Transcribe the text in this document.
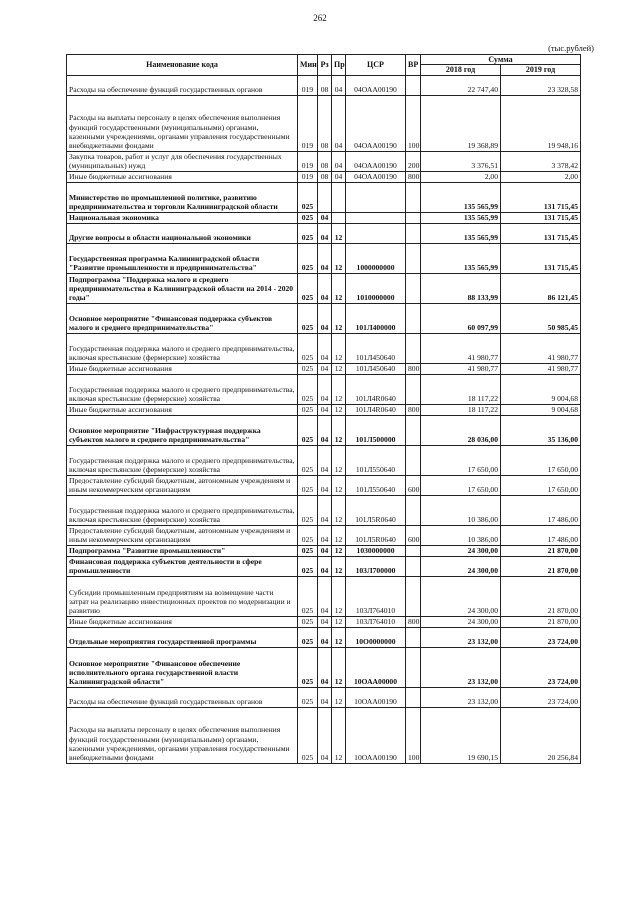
262
(тыс.рублей)
Наименование кода	Мин	Рз	Пр	ЦСР	ВР	Сумма	
						2018 год	2019 год
Расходы на обеспечение функций государственных органов	019	08	04	04ОАА00190		22 747,40	23 328,58
Расходы на выплаты персоналу в целях обеспечения выполнения функций государственными (муниципальными) органами, казенными учреждениями, органами управления государственными внебюджетными фондами	019	08	04	04ОАА00190	100	19 368,89	19 948,16
Закупка товаров, работ и услуг для обеспечения государственных (муниципальных) нужд	019	08	04	04ОАА00190	200	3 376,51	3 378,42
Иные бюджетные ассигнования	019	08	04	04ОАА00190	800	2,00	2,00
Министерство по промышленной политике, развитию предпринимательства и торговли Калининградской области	025					135 565,99	131 715,45
Национальная экономика	025	04				135 565,99	131 715,45
Другие вопросы в области национальной экономики	025	04	12			135 565,99	131 715,45
Государственная программа Калининградской области "Развитие промышленности и предпринимательства"	025	04	12	1000000000		135 565,99	131 715,45
Подпрограмма "Поддержка малого и среднего предпринимательства в Калининградской области на 2014 - 2020 годы"	025	04	12	1010000000		88 133,99	86 121,45
Основное мероприятие "Финансовая поддержка субъектов малого и среднего предпринимательства"	025	04	12	101Л400000		60 097,99	50 985,45
Государственная поддержка малого и среднего предпринимательства, включая крестьянские (фермерские) хозяйства	025	04	12	101Л450640		41 980,77	41 980,77
Иные бюджетные ассигнования	025	04	12	101Л450640	800	41 980,77	41 980,77
Государственная поддержка малого и среднего предпринимательства, включая крестьянские (фермерские) хозяйства	025	04	12	101Л4R0640		18 117,22	9 004,68
Иные бюджетные ассигнования	025	04	12	101Л4R0640	800	18 117,22	9 004,68
Основное мероприятие "Инфраструктурная поддержка субъектов малого и среднего предпринимательства"	025	04	12	101Л500000		28 036,00	35 136,00
Государственная поддержка малого и среднего предпринимательства, включая крестьянские (фермерские) хозяйства	025	04	12	101Л550640		17 650,00	17 650,00
Предоставление субсидий бюджетным, автономным учреждениям и иным некоммерческим организациям	025	04	12	101Л550640	600	17 650,00	17 650,00
Государственная поддержка малого и среднего предпринимательства, включая крестьянские (фермерские) хозяйства	025	04	12	101Л5R0640		10 386,00	17 486,00
Предоставление субсидий бюджетным, автономным учреждениям и иным некоммерческим организациям	025	04	12	101Л5R0640	600	10 386,00	17 486,00
Подпрограмма "Развитие промышленности"	025	04	12	1030000000		24 300,00	21 870,00
Финансовая поддержка субъектов деятельности в сфере промышленности	025	04	12	103Л700000		24 300,00	21 870,00
Субсидии промышленным предприятиям на возмещение части затрат на реализацию инвестиционных проектов по модернизации и развитию	025	04	12	103Л764010		24 300,00	21 870,00
Иные бюджетные ассигнования	025	04	12	103Л764010	800	24 300,00	21 870,00
Отдельные мероприятия государственной программы	025	04	12	10О0000000		23 132,00	23 724,00
Основное мероприятие "Финансовое обеспечение исполнительного органа государственной власти Калининградской области"	025	04	12	10ОАА00000		23 132,00	23 724,00
Расходы на обеспечение функций государственных органов	025	04	12	10ОАА00190		23 132,00	23 724,00
Расходы на выплаты персоналу в целях обеспечения выполнения функций государственными (муниципальными) органами, казенными учреждениями, органами управления государственными внебюджетными фондами	025	04	12	10ОАА00190	100	19 690,15	20 256,84
